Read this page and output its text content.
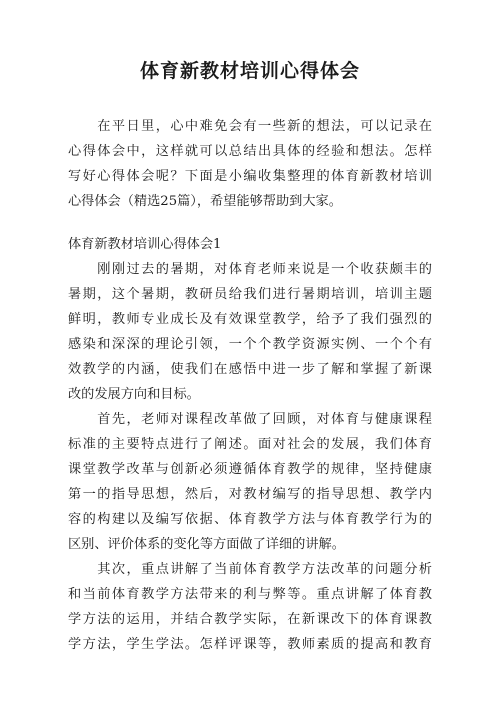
体育新教材培训心得体会
　　在平日里，心中难免会有一些新的想法，可以记录在
心得体会中，这样就可以总结出具体的经验和想法。怎样
写好心得体会呢？下面是小编收集整理的体育新教材培训
心得体会（精选25篇），希望能够帮助到大家。
体育新教材培训心得体会1
　　刚刚过去的暑期，对体育老师来说是一个收获颇丰的
暑期，这个暑期，教研员给我们进行暑期培训，培训主题
鲜明，教师专业成长及有效课堂教学，给予了我们强烈的
感染和深深的理论引领，一个个教学资源实例、一个个有
效教学的内涵，使我们在感悟中进一步了解和掌握了新课
改的发展方向和目标。
　　首先，老师对课程改革做了回顾，对体育与健康课程
标准的主要特点进行了阐述。面对社会的发展，我们体育
课堂教学改革与创新必须遵循体育教学的规律，坚持健康
第一的指导思想，然后，对教材编写的指导思想、教学内
容的构建以及编写依据、体育教学方法与体育教学行为的
区别、评价体系的变化等方面做了详细的讲解。
　　其次，重点讲解了当前体育教学方法改革的问题分析
和当前体育教学方法带来的利与弊等。重点讲解了体育教
学方法的运用，并结合教学实际，在新课改下的体育课教
学方法，学生学法。怎样评课等，教师素质的提高和教育
